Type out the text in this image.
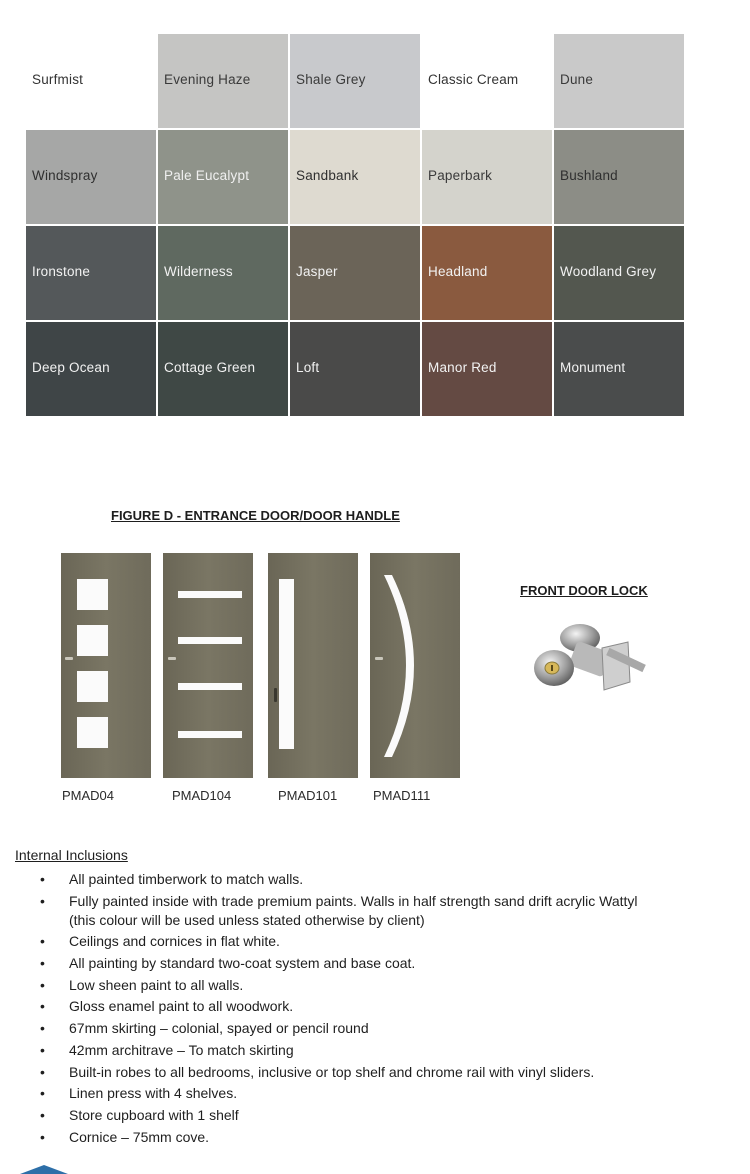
Surfmist	Evening Haze	Shale Grey	Classic Cream	Dune
Windspray	Pale Eucalypt	Sandbank	Paperbark	Bushland
Ironstone	Wilderness	Jasper	Headland	Woodland Grey
Deep Ocean	Cottage Green	Loft	Manor Red	Monument
FIGURE D - ENTRANCE DOOR/DOOR HANDLE
FRONT DOOR LOCK
PMAD04	PMAD104	PMAD101	PMAD111
Internal Inclusions
• All painted timberwork to match walls.
• Fully painted inside with trade premium paints. Walls in half strength sand drift acrylic Wattyl (this colour will be used unless stated otherwise by client)
• Ceilings and cornices in flat white.
• All painting by standard two-coat system and base coat.
• Low sheen paint to all walls.
• Gloss enamel paint to all woodwork.
• 67mm skirting – colonial, spayed or pencil round
• 42mm architrave – To match skirting
• Built-in robes to all bedrooms, inclusive or top shelf and chrome rail with vinyl sliders.
• Linen press with 4 shelves.
• Store cupboard with 1 shelf
• Cornice – 75mm cove.
